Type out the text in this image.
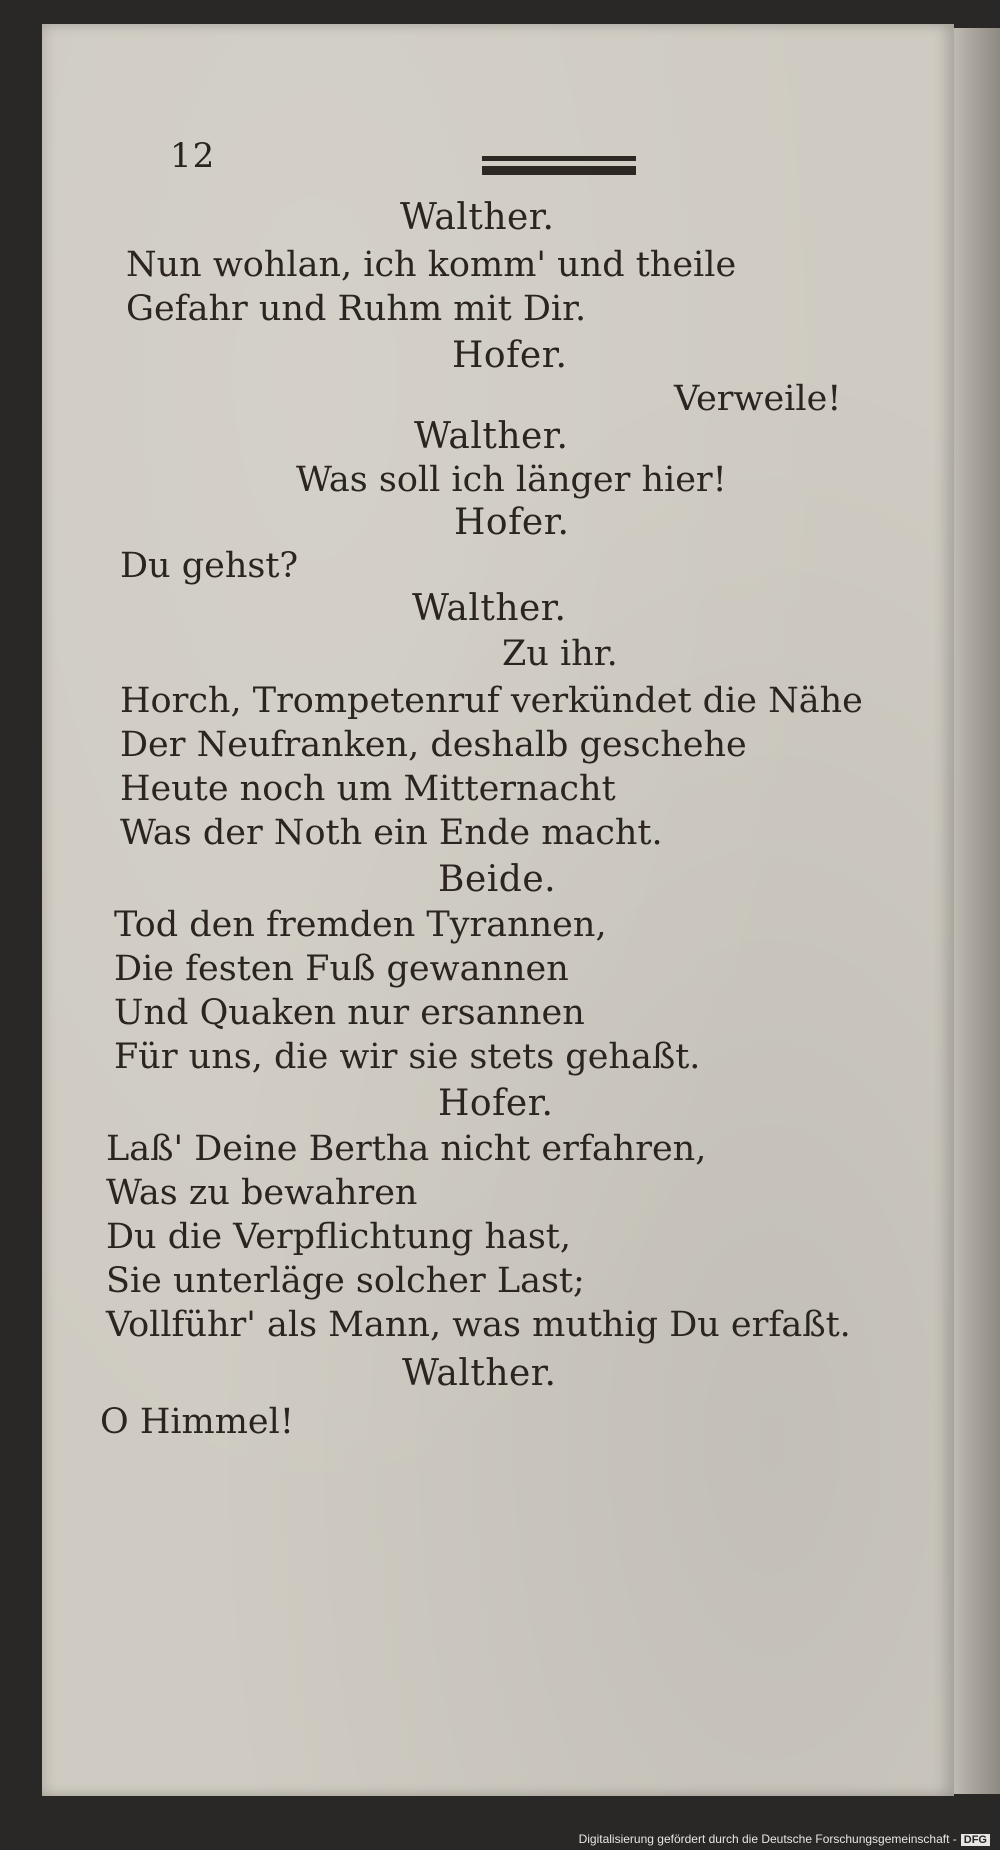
12
Walther.
Nun wohlan, ich komm' und theile
Gefahr und Ruhm mit Dir.
Hofer.
Verweile!
Walther.
Was soll ich länger hier!
Hofer.
Du gehst?
Walther.
Zu ihr.
Horch, Trompetenruf verkündet die Nähe
Der Neufranken, deshalb geschehe
Heute noch um Mitternacht
Was der Noth ein Ende macht.
Beide.
Tod den fremden Tyrannen,
Die festen Fuß gewannen
Und Quaken nur ersannen
Für uns, die wir sie stets gehaßt.
Hofer.
Laß' Deine Bertha nicht erfahren,
Was zu bewahren
Du die Verpflichtung hast,
Sie unterläge solcher Last;
Vollführ' als Mann, was muthig Du erfaßt.
Walther.
O Himmel!
Digitalisierung gefördert durch die Deutsche Forschungsgemeinschaft - DFG
